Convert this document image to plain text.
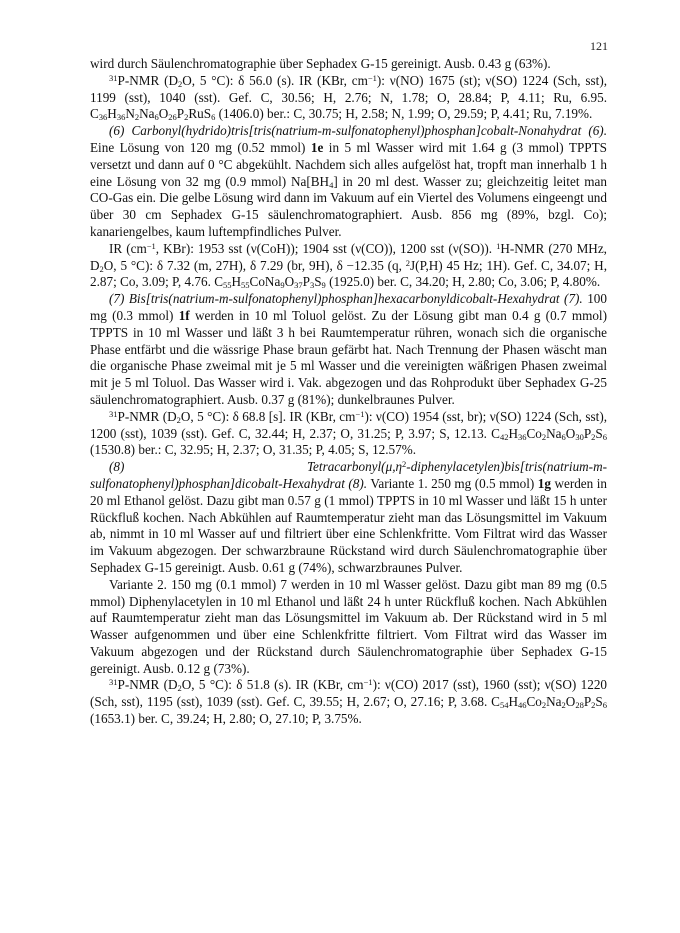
121

wird durch Säulenchromatographie über Sephadex G-15 gereinigt. Ausb. 0.43 g (63%).

$^{31}$P-NMR ($D_2O$, 5 °C): δ 56.0 (s). IR (KBr, $cm^{-1}$): ν(NO) 1675 (st); ν(SO) 1224 (Sch, sst), 1199 (sst), 1040 (sst). Gef. C, 30.56; H, 2.76; N, 1.78; O, 28.84; P, 4.11; Ru, 6.95. $C_{36}H_{36}N_2Na_6O_{26}P_2RuS_6$ (1406.0) ber.: C, 30.75; H, 2.58; N, 1.99; O, 29.59; P, 4.41; Ru, 7.19%.

(6) Carbonyl(hydrido)tris[tris(natrium-m-sulfonatophenyl)phosphan]cobalt-Nonahydrat (6). Eine Lösung von 120 mg (0.52 mmol) 1e in 5 ml Wasser wird mit 1.64 g (3 mmol) TPPTS versetzt und dann auf 0 °C abgekühlt. Nachdem sich alles aufgelöst hat, tropft man innerhalb 1 h eine Lösung von 32 mg (0.9 mmol) $Na[BH_4]$ in 20 ml dest. Wasser zu; gleichzeitig leitet man CO-Gas ein. Die gelbe Lösung wird dann im Vakuum auf ein Viertel des Volumens eingeengt und über 30 cm Sephadex G-15 säulenchromatographiert. Ausb. 856 mg (89%, bzgl. Co); kanariengelbes, kaum luftempfindliches Pulver.

IR ($cm^{-1}$, KBr): 1953 sst (ν(CoH)); 1904 sst (ν(CO)), 1200 sst (ν(SO)). $^1$H-NMR (270 MHz, $D_2O$, 5 °C): δ 7.32 (m, 27H), δ 7.29 (br, 9H), δ −12.35 (q, $^2$J(P,H) 45 Hz; 1H). Gef. C, 34.07; H, 2.87; Co, 3.09; P, 4.76. $C_{55}H_{55}CoNa_9O_{37}P_3S_9$ (1925.0) ber. C, 34.20; H, 2.80; Co, 3.06; P, 4.80%.

(7) Bis[tris(natrium-m-sulfonatophenyl)phosphan]hexacarbonyldicobalt-Hexahydrat (7). 100 mg (0.3 mmol) 1f werden in 10 ml Toluol gelöst. Zu der Lösung gibt man 0.4 g (0.7 mmol) TPPTS in 10 ml Wasser und läßt 3 h bei Raumtemperatur rühren, wonach sich die organische Phase entfärbt und die wässrige Phase braun gefärbt hat. Nach Trennung der Phasen wäscht man die organische Phase zweimal mit je 5 ml Wasser und die vereinigten wäßrigen Phasen zweimal mit je 5 ml Toluol. Das Wasser wird i. Vak. abgezogen und das Rohprodukt über Sephadex G-25 säulenchromatographiert. Ausb. 0.37 g (81%); dunkelbraunes Pulver.

$^{31}$P-NMR ($D_2O$, 5 °C): δ 68.8 [s]. IR (KBr, $cm^{-1}$): ν(CO) 1954 (sst, br); ν(SO) 1224 (Sch, sst), 1200 (sst), 1039 (sst). Gef. C, 32.44; H, 2.37; O, 31.25; P, 3.97; S, 12.13. $C_{42}H_{36}Co_2Na_6O_{30}P_2S_6$ (1530.8) ber.: C, 32.95; H, 2.37; O, 31.35; P, 4.05; S, 12.57%.

(8) $Tetracarbonyl(\mu,\eta^2-diphenylacetylen)bis[tris(natrium-m-sulfonatophenyl)phosphan]dicobalt$-Hexahydrat (8). Variante 1. 250 mg (0.5 mmol) 1g werden in 20 ml Ethanol gelöst. Dazu gibt man 0.57 g (1 mmol) TPPTS in 10 ml Wasser und läßt 15 h unter Rückfluß kochen. Nach Abkühlen auf Raumtemperatur zieht man das Lösungsmittel im Vakuum ab, nimmt in 10 ml Wasser auf und filtriert über eine Schlenkfritte. Vom Filtrat wird das Wasser im Vakuum abgezogen. Der schwarzbraune Rückstand wird durch Säulenchromatographie über Sephadex G-15 gereinigt. Ausb. 0.61 g (74%), schwarzbraunes Pulver.

Variante 2. 150 mg (0.1 mmol) 7 werden in 10 ml Wasser gelöst. Dazu gibt man 89 mg (0.5 mmol) Diphenylacetylen in 10 ml Ethanol und läßt 24 h unter Rückfluß kochen. Nach Abkühlen auf Raumtemperatur zieht man das Lösungsmittel im Vakuum ab. Der Rückstand wird in 5 ml Wasser aufgenommen und über eine Schlenkfritte filtriert. Vom Filtrat wird das Wasser im Vakuum abgezogen und der Rückstand durch Säulenchromatographie über Sephadex G-15 gereinigt. Ausb. 0.12 g (73%).

$^{31}$P-NMR ($D_2O$, 5 °C): δ 51.8 (s). IR (KBr, $cm^{-1}$): ν(CO) 2017 (sst), 1960 (sst); ν(SO) 1220 (Sch, sst), 1195 (sst), 1039 (sst). Gef. C, 39.55; H, 2.67; O, 27.16; P, 3.68. $C_{54}H_{46}Co_2Na_2O_{28}P_2S_6$ (1653.1) ber. C, 39.24; H, 2.80; O, 27.10; P, 3.75%.
